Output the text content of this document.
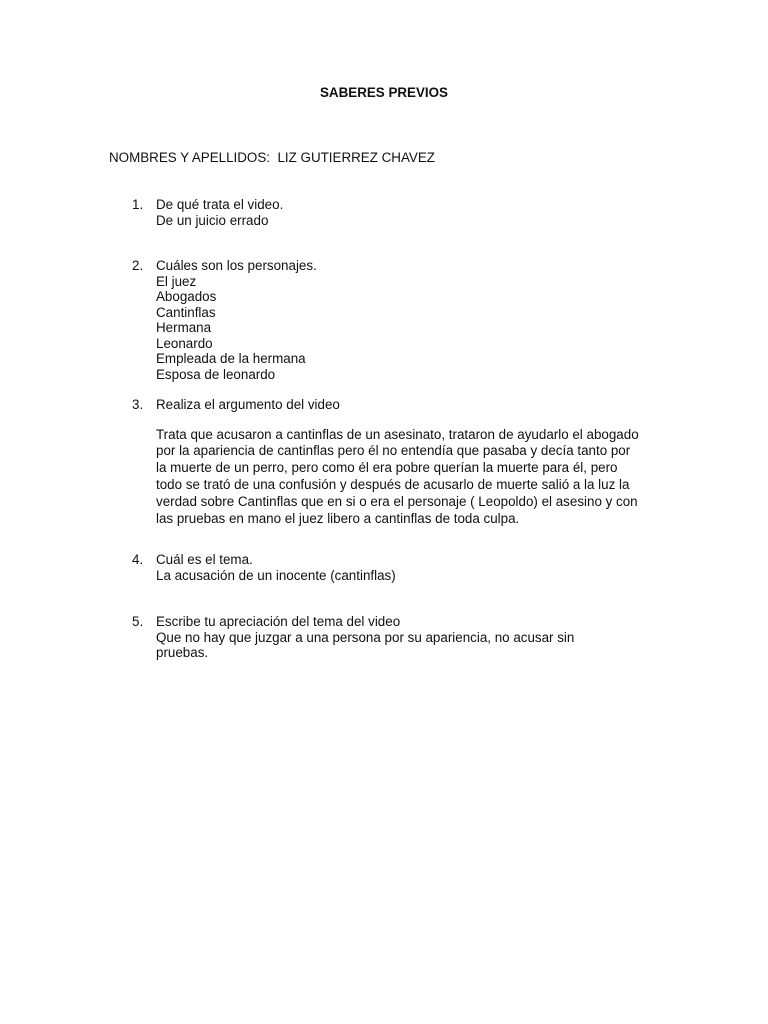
SABERES PREVIOS
NOMBRES Y APELLIDOS: LIZ GUTIERREZ CHAVEZ
1. De qué trata el video.
De un juicio errado
2. Cuáles son los personajes.
El juez
Abogados
Cantinflas
Hermana
Leonardo
Empleada de la hermana
Esposa de leonardo
3. Realiza el argumento del video
Trata que acusaron a cantinflas de un asesinato, trataron de ayudarlo el abogado por la apariencia de cantinflas pero él no entendía que pasaba y decía tanto por la muerte de un perro, pero como él era pobre querían la muerte para él, pero todo se trató de una confusión y después de acusarlo de muerte salió a la luz la verdad sobre Cantinflas que en si o era el personaje ( Leopoldo) el asesino y con las pruebas en mano el juez libero a cantinflas de toda culpa.
4. Cuál es el tema.
La acusación de un inocente (cantinflas)
5. Escribe tu apreciación del tema del video
Que no hay que juzgar a una persona por su apariencia, no acusar sin
pruebas.
